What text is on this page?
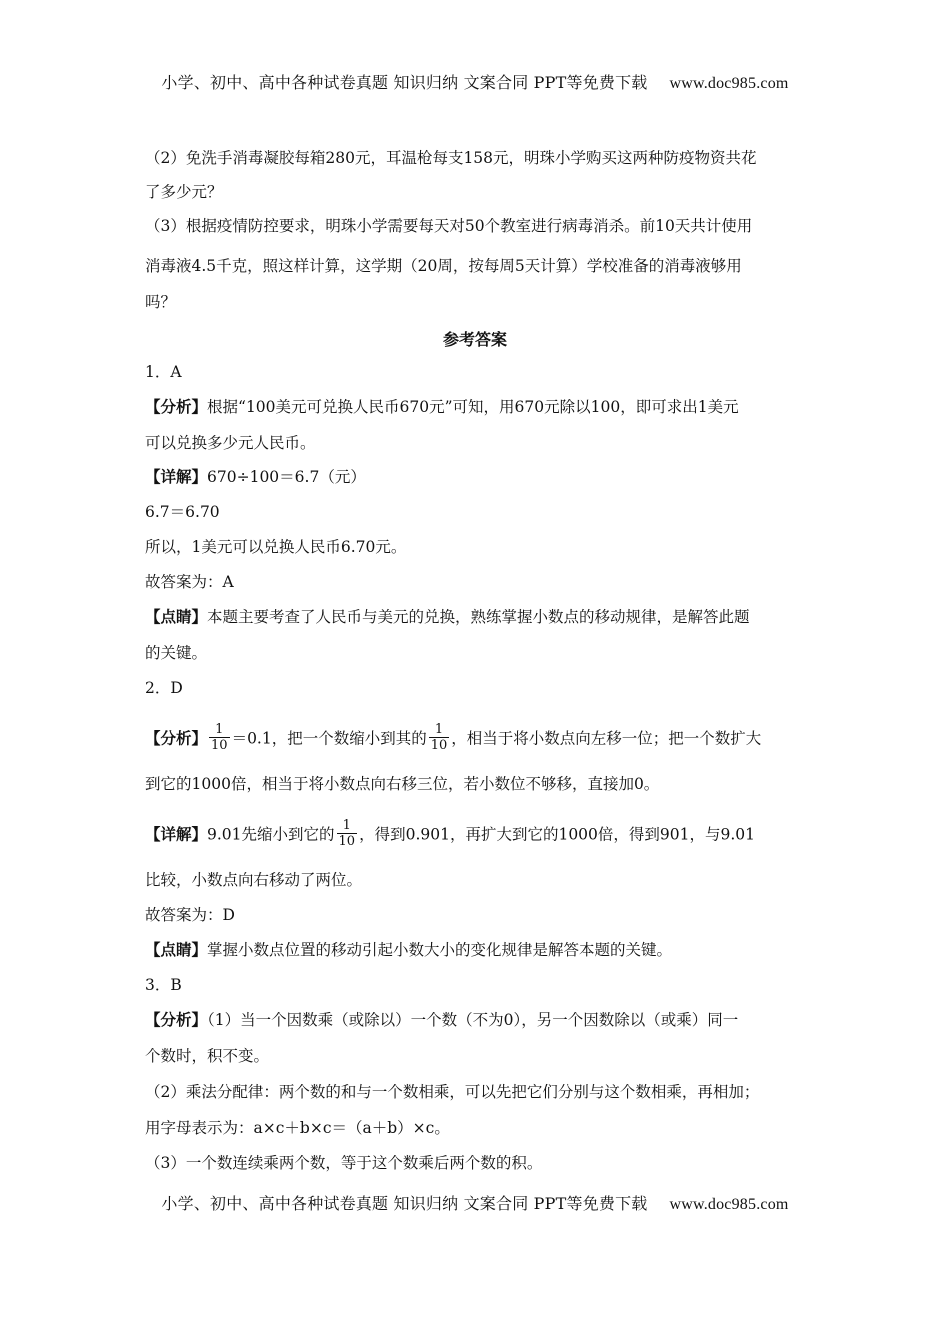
小学、初中、高中各种试卷真题 知识归纳 文案合同 PPT等免费下载 www.doc985.com
（2）免洗手消毒凝胶每箱280元，耳温枪每支158元，明珠小学购买这两种防疫物资共花
了多少元？
（3）根据疫情防控要求，明珠小学需要每天对50个教室进行病毒消杀。前10天共计使用
消毒液4.5千克，照这样计算，这学期（20周，按每周5天计算）学校准备的消毒液够用
吗？
参考答案
1．A
【分析】根据“100美元可兑换人民币670元”可知，用670元除以100，即可求出1美元
可以兑换多少元人民币。
【详解】670÷100＝6.7（元）
6.7＝6.70
所以，1美元可以兑换人民币6.70元。
故答案为：A
【点睛】本题主要考查了人民币与美元的兑换，熟练掌握小数点的移动规律，是解答此题
的关键。
2．D
【分析】 $\frac{1}{10} =0.1$，把一个数缩小到其的 $\frac{1}{10}$ ，相当于将小数点向左移一位；把一个数扩大
到它的1000倍，相当于将小数点向右移三位，若小数位不够移，直接加0。
【详解】9.01先缩小到它的 $\frac{1}{10}$ ，得到0.901，再扩大到它的1000倍，得到901，与9.01
比较，小数点向右移动了两位。
故答案为：D
【点睛】掌握小数点位置的移动引起小数大小的变化规律是解答本题的关键。
3．B
【分析】（1）当一个因数乘（或除以）一个数（不为0），另一个因数除以（或乘）同一
个数时，积不变。
（2）乘法分配律：两个数的和与一个数相乘，可以先把它们分别与这个数相乘，再相加；
用字母表示为：a×c＋b×c＝（a＋b）×c。
（3）一个数连续乘两个数，等于这个数乘后两个数的积。
小学、初中、高中各种试卷真题 知识归纳 文案合同 PPT等免费下载 www.doc985.com
